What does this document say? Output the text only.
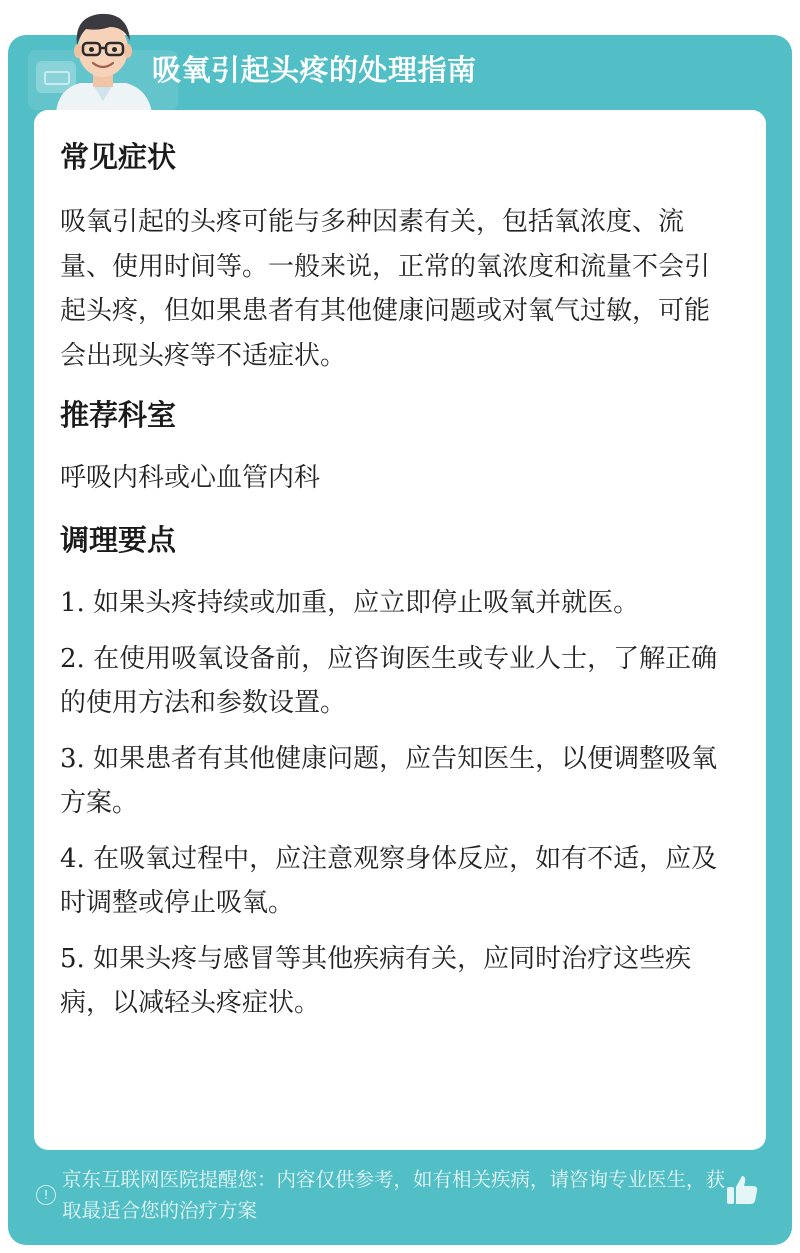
吸氧引起头疼的处理指南
常见症状
吸氧引起的头疼可能与多种因素有关，包括氧浓度、流量、使用时间等。一般来说，正常的氧浓度和流量不会引起头疼，但如果患者有其他健康问题或对氧气过敏，可能会出现头疼等不适症状。
推荐科室
呼吸内科或心血管内科
调理要点
1. 如果头疼持续或加重，应立即停止吸氧并就医。
2. 在使用吸氧设备前，应咨询医生或专业人士，了解正确的使用方法和参数设置。
3. 如果患者有其他健康问题，应告知医生，以便调整吸氧方案。
4. 在吸氧过程中，应注意观察身体反应，如有不适，应及时调整或停止吸氧。
5. 如果头疼与感冒等其他疾病有关，应同时治疗这些疾病，以减轻头疼症状。
!
京东互联网医院提醒您：内容仅供参考，如有相关疾病，请咨询专业医生，获取最适合您的治疗方案
